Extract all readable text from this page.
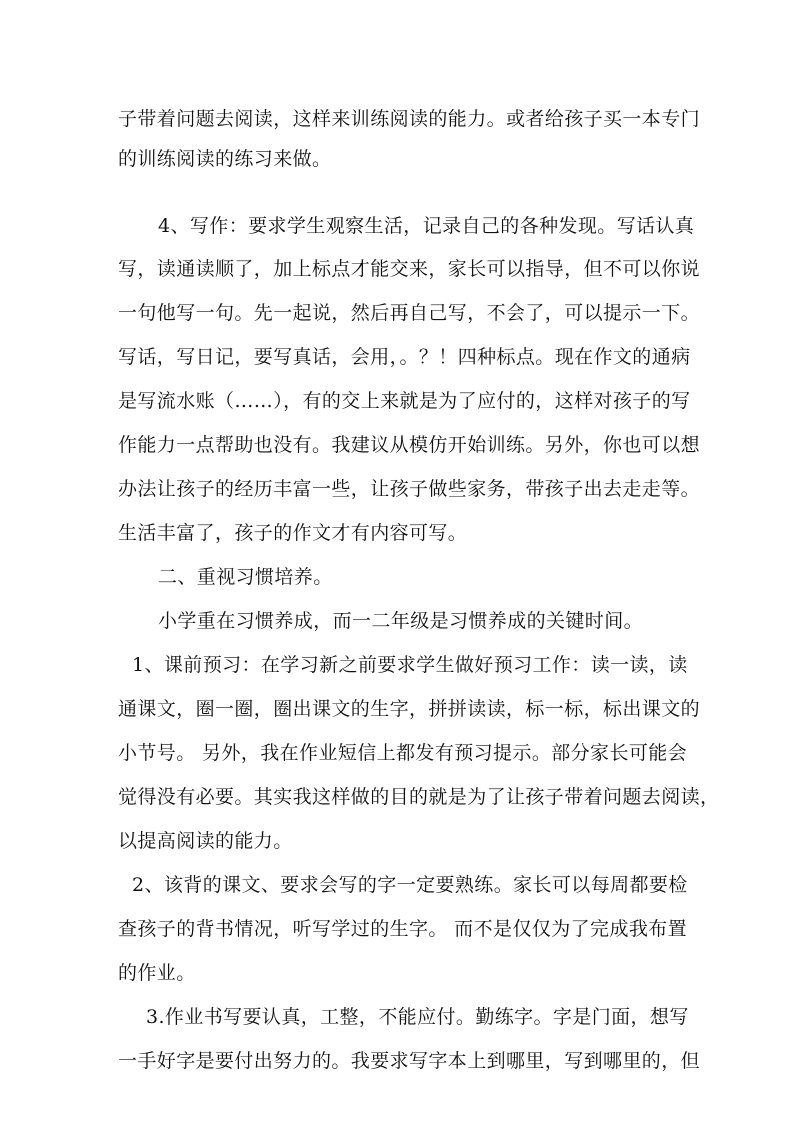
子带着问题去阅读，这样来训练阅读的能力。或者给孩子买一本专门
的训练阅读的练习来做。
4、写作：要求学生观察生活，记录自己的各种发现。写话认真
写，读通读顺了，加上标点才能交来，家长可以指导，但不可以你说
一句他写一句。先一起说，然后再自己写，不会了，可以提示一下。
写话，写日记，要写真话，会用，。？！四种标点。现在作文的通病
是写流水账（……），有的交上来就是为了应付的，这样对孩子的写
作能力一点帮助也没有。我建议从模仿开始训练。另外，你也可以想
办法让孩子的经历丰富一些，让孩子做些家务，带孩子出去走走等。
生活丰富了，孩子的作文才有内容可写。
二、重视习惯培养。
小学重在习惯养成，而一二年级是习惯养成的关键时间。
1、课前预习：在学习新之前要求学生做好预习工作：读一读，读
通课文，圈一圈，圈出课文的生字，拼拼读读，标一标，标出课文的
小节号。 另外，我在作业短信上都发有预习提示。部分家长可能会
觉得没有必要。其实我这样做的目的就是为了让孩子带着问题去阅读，
以提高阅读的能力。
2、该背的课文、要求会写的字一定要熟练。家长可以每周都要检
查孩子的背书情况，听写学过的生字。 而不是仅仅为了完成我布置
的作业。
3.作业书写要认真，工整，不能应付。勤练字。字是门面，想写
一手好字是要付出努力的。我要求写字本上到哪里，写到哪里的，但
